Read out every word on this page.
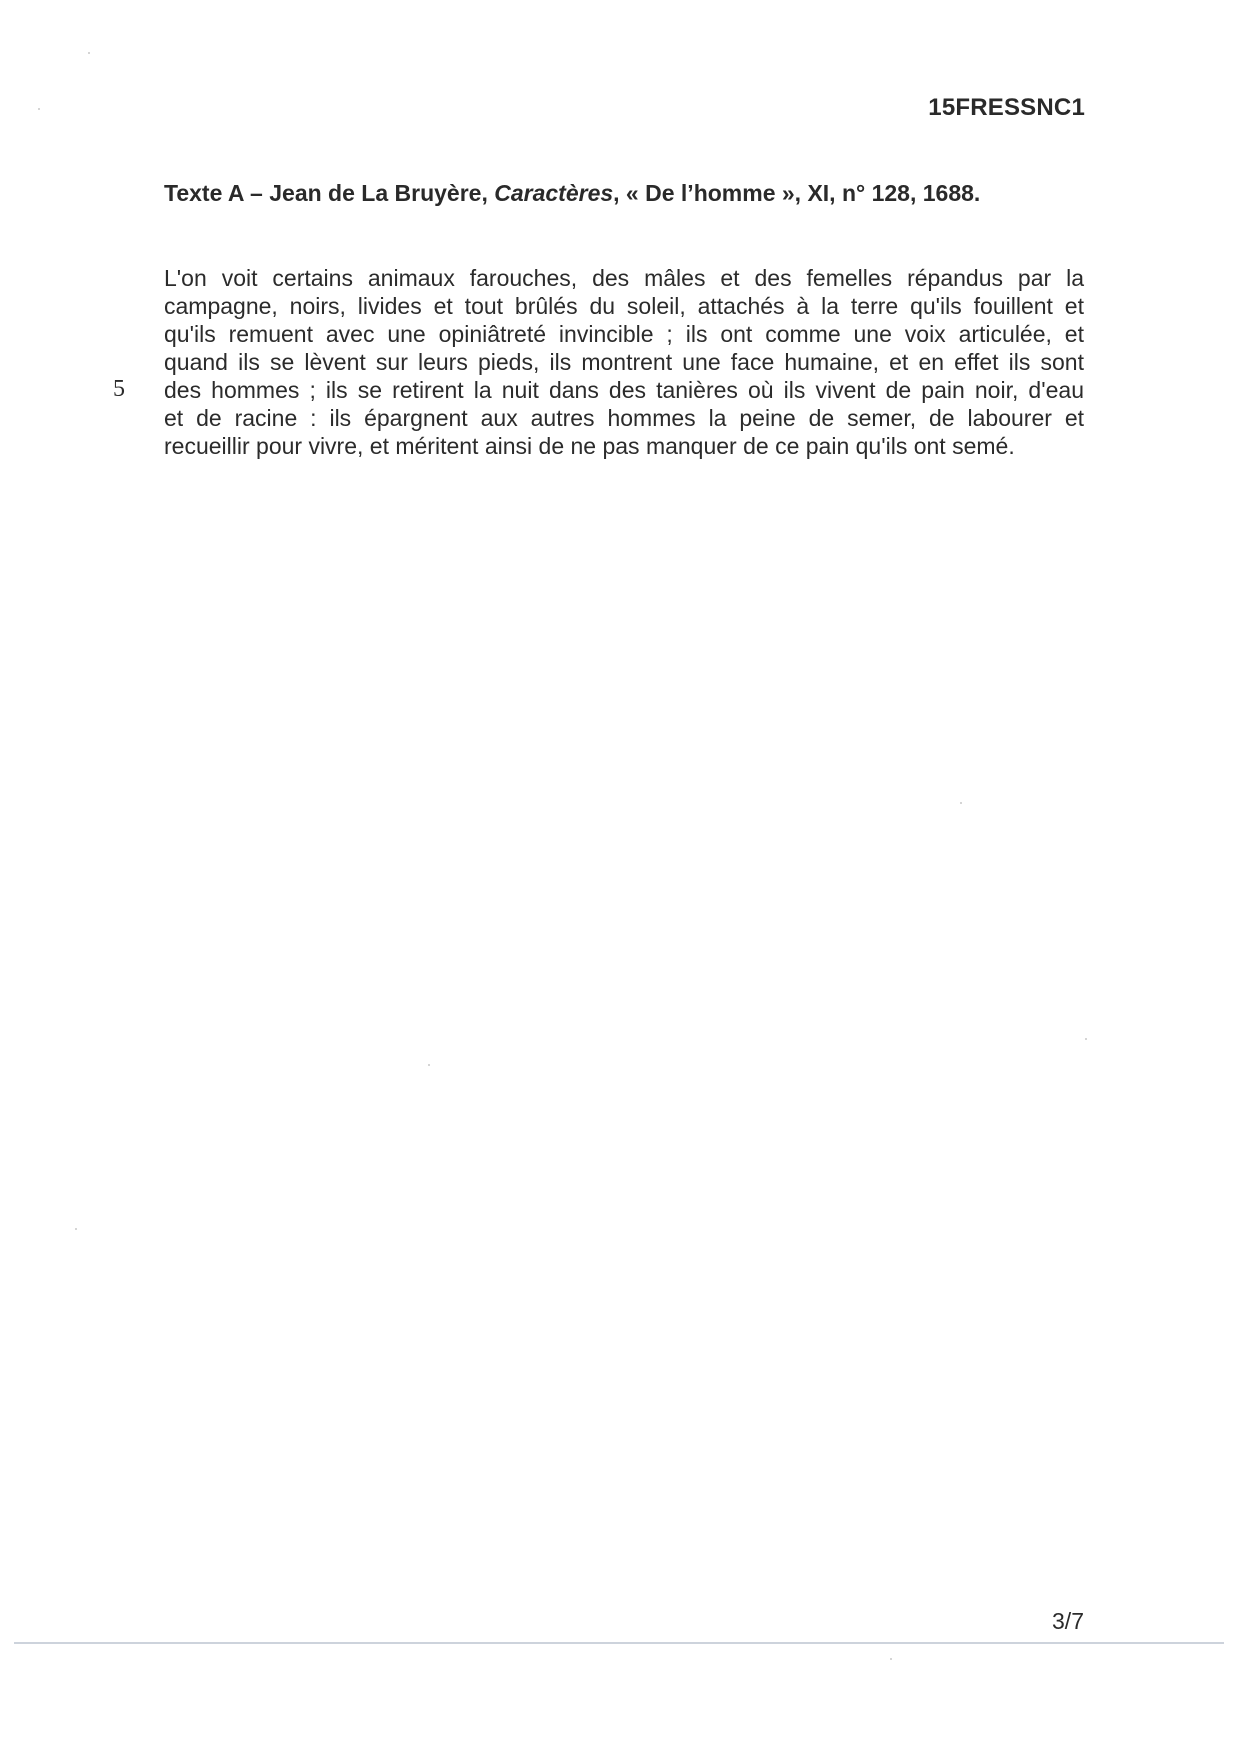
15FRESSNC1
Texte A – Jean de La Bruyère, Caractères, « De l’homme », XI, n° 128, 1688.
L'on voit certains animaux farouches, des mâles et des femelles répandus par la
campagne, noirs, livides et tout brûlés du soleil, attachés à la terre qu'ils fouillent et
qu'ils remuent avec une opiniâtreté invincible ; ils ont comme une voix articulée, et
quand ils se lèvent sur leurs pieds, ils montrent une face humaine, et en effet ils sont
des hommes ; ils se retirent la nuit dans des tanières où ils vivent de pain noir, d'eau
et de racine : ils épargnent aux autres hommes la peine de semer, de labourer et
recueillir pour vivre, et méritent ainsi de ne pas manquer de ce pain qu'ils ont semé.
5
3/7
